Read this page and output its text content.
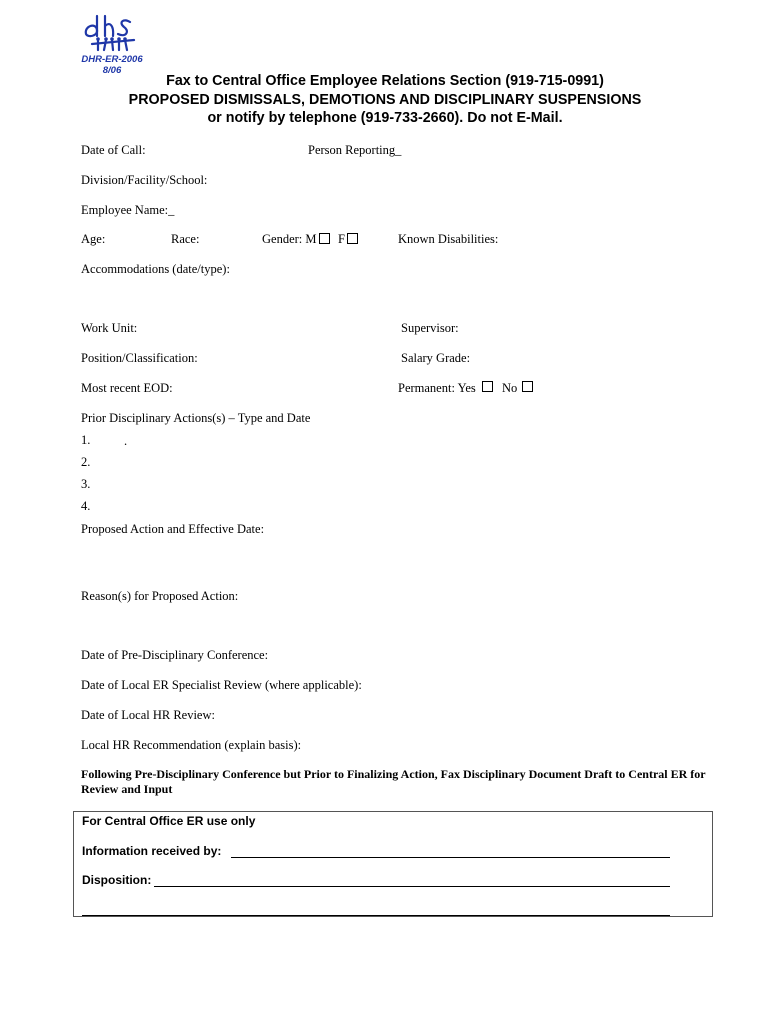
DHR-ER-2006
8/06
Fax to Central Office Employee Relations Section (919-715-0991)
PROPOSED DISMISSALS, DEMOTIONS AND DISCIPLINARY SUSPENSIONS
or notify by telephone (919-733-2660). Do not E-Mail.
Date of Call:	Person Reporting_
Division/Facility/School:
Employee Name:_
Age:	Race:	Gender: M F	Known Disabilities:
Accommodations (date/type):
Work Unit:	Supervisor:
Position/Classification:	Salary Grade:
Most recent EOD:	Permanent: Yes No
Prior Disciplinary Actions(s) – Type and Date
1.	.
2.
3.
4.
Proposed Action and Effective Date:
Reason(s) for Proposed Action:
Date of Pre-Disciplinary Conference:
Date of Local ER Specialist Review (where applicable):
Date of Local HR Review:
Local HR Recommendation (explain basis):
Following Pre-Disciplinary Conference but Prior to Finalizing Action, Fax Disciplinary Document Draft to Central ER for Review and Input
For Central Office ER use only
Information received by:
Disposition:
